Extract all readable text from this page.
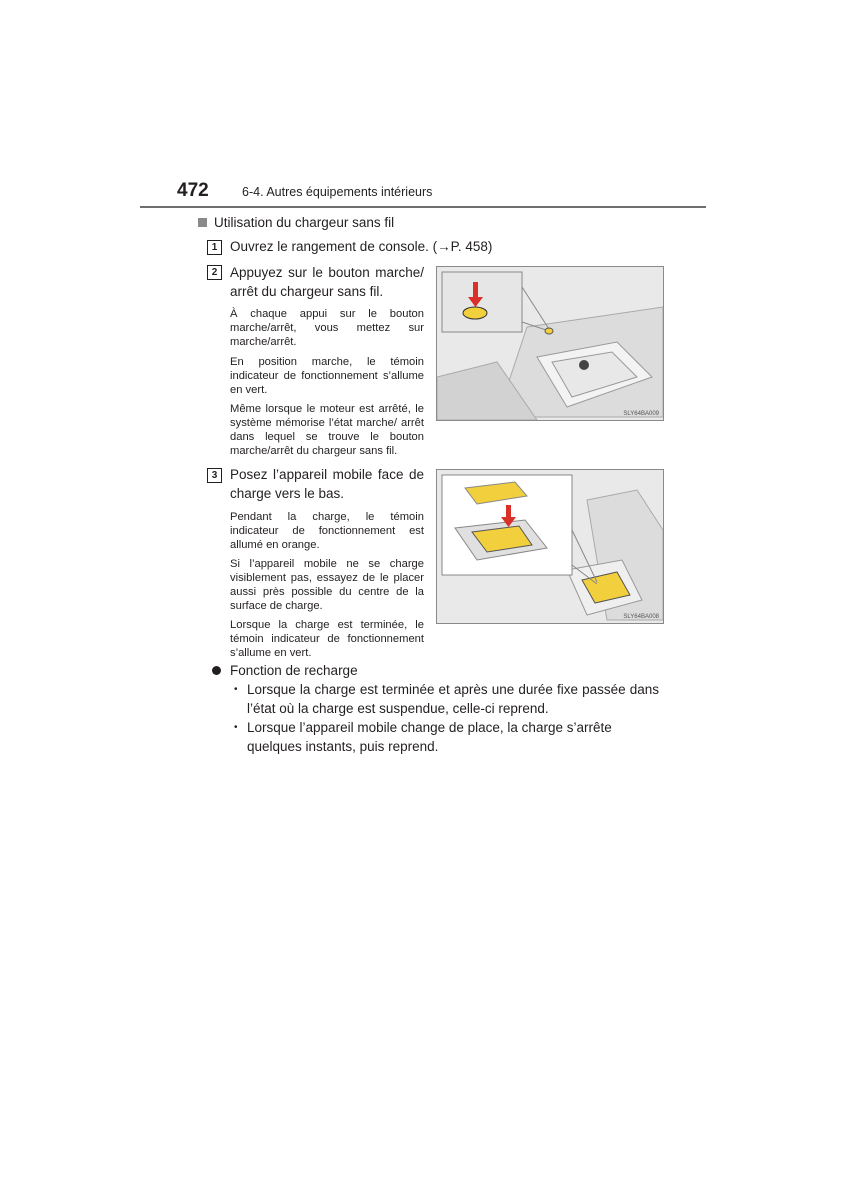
472	6-4. Autres équipements intérieurs
Utilisation du chargeur sans fil
1 Ouvrez le rangement de console. (→P. 458)
2 Appuyez sur le bouton marche/ arrêt du chargeur sans fil.
À chaque appui sur le bouton marche/arrêt, vous mettez sur marche/arrêt.
En position marche, le témoin indicateur de fonctionnement s’allume en vert.
Même lorsque le moteur est arrêté, le système mémorise l’état marche/ arrêt dans lequel se trouve le bouton marche/arrêt du chargeur sans fil.
SLY64BA009
3 Posez l’appareil mobile face de charge vers le bas.
Pendant la charge, le témoin indicateur de fonctionnement est allumé en orange.
Si l’appareil mobile ne se charge visiblement pas, essayez de le placer aussi près possible du centre de la surface de charge.
Lorsque la charge est terminée, le témoin indicateur de fonctionnement s’allume en vert.
SLY64BA008
Fonction de recharge
• Lorsque la charge est terminée et après une durée fixe passée dans l’état où la charge est suspendue, celle-ci reprend.
• Lorsque l’appareil mobile change de place, la charge s’arrête quelques instants, puis reprend.
